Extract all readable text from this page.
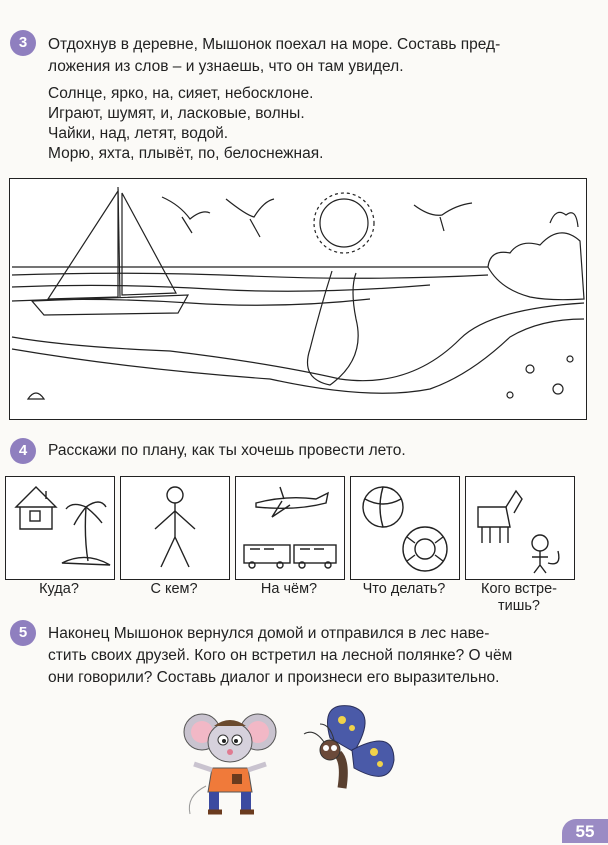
3	Отдохнув в деревне, Мышонок поехал на море. Составь пред-
ложения из слов – и узнаешь, что он там увидел.
Солнце, ярко, на, сияет, небосклоне.
Играют, шумят, и, ласковые, волны.
Чайки, над, летят, водой.
Морю, яхта, плывёт, по, белоснежная.
4	Расскажи по плану, как ты хочешь провести лето.
Куда?	С кем?	На чём?	Что делать?	Кого встре-
тишь?
5	Наконец Мышонок вернулся домой и отправился в лес наве-
стить своих друзей. Кого он встретил на лесной полянке? О чём
они говорили? Составь диалог и произнеси его выразительно.
55
